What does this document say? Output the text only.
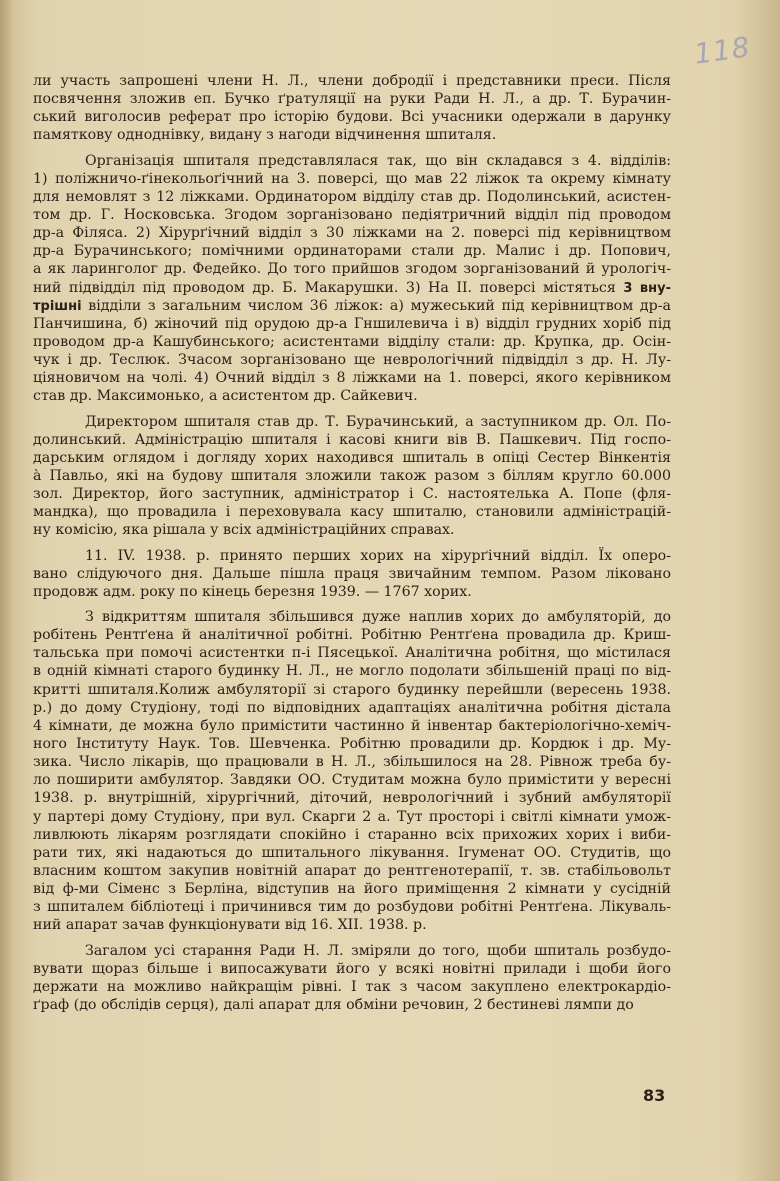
118
ли участь запрошені члени Н. Л., члени добродії і представники преси. Після
посвячення зложив еп. Бучко ґратуляції на руки Ради Н. Л., а др. Т. Бурачин-
ський виголосив реферат про історію будови. Всі учасники одержали в дарунку
памяткову одноднівку, видану з нагоди відчинення шпиталя.
Організація шпиталя представлялася так, що він складався з 4. відділів:
1) поліжничо-ґінекольоґічний на 3. поверсі, що мав 22 ліжок та окрему кімнату
для немовлят з 12 ліжками. Ординатором відділу став др. Подолинський, асистен-
том др. Г. Носковська. Згодом зорганізовано педіятричний відділ під проводом
др-а Філяса. 2) Хірурґічний відділ з 30 ліжками на 2. поверсі під керівництвом
др-а Бурачинського; помічними ординаторами стали др. Малис і др. Попович,
а як ларинголог др. Федейко. До того прийшов згодом зорганізований й урологіч-
ний підвідділ під проводом др. Б. Макарушки. 3) На II. поверсі містяться 3 внy-
трішні відділи з загальним числом 36 ліжок: а) мужеський під керівництвом др-а
Панчишина, б) жіночий під орудою др-а Гншилевича і в) відділ грудних хоріб під
проводом др-а Кашубинського; асистентами відділу стали: др. Крупка, др. Осін-
чук і др. Теслюк. Зчасом зорганізовано ще неврологічний підвідділ з др. Н. Лу-
ціяновичом на чолі. 4) Очний відділ з 8 ліжками на 1. поверсі, якого керівником
став др. Максимонько, а асистентом др. Сайкевич.
Директором шпиталя став др. Т. Бурачинський, а заступником др. Ол. По-
долинський. Адміністрацію шпиталя і касові книги вів В. Пашкевич. Під госпо-
дарським оглядом і доглядy хорих находився шпиталь в опіці Сестер Вінкентія
а̀ Павльо, які на будову шпиталя зложили також разом з біллям кругло 60.000
зол. Директор, його заступник, адміністратор і С. настоятелька А. Попе (фля-
мандка), що провадила і переховувала касу шпиталю, становили адміністрацій-
ну комісію, яка рішала у всіх адміністраційних справах.
11. IV. 1938. р. принято перших хорих на хірурґічний відділ. Їх оперо-
вано слідуючого дня. Дальше пішла праця звичайним темпом. Разом ліковано
продовж адм. року по кінець березня 1939. — 1767 хорих.
З відкриттям шпиталя збільшився дуже наплив хорих до амбуляторій, до
робітень Рентґена й аналітичної робітні. Робітню Рентґена провадила др. Криш-
тальська при помочі асистентки п-і Пясецької. Аналітична робітня, що містилася
в одній кімнаті старого будинку Н. Л., не могло подолати збільшеній праці по від-
критті шпиталя.Колиж амбуляторії зі старого будинку перейшли (вересень 1938.
р.) до дому Студіону, тоді по відповідних адаптаціях аналітична робітня дістала
4 кімнати, де можна було примістити частинно й інвентар бактеріологічно-хеміч-
ного Інституту Наук. Тов. Шевченка. Робітню провадили др. Кордюк і др. Му-
зика. Число лікарів, що працювали в Н. Л., збільшилося на 28. Рівнож треба бу-
ло поширити амбулятор. Завдяки ОО. Студитам можна було примістити у вересні
1938. р. внутрішній, хірургічний, діточий, неврологічний і зубний амбуляторії
у партері дому Студіону, при вул. Скарги 2 а. Тут просторі і світлі кімнати умож-
ливлюють лікарям розглядати спокійно і старанно всіх прихожих хорих і виби-
рати тих, які надаються до шпитального лікування. Ігуменат ОО. Студитів, що
власним коштом закупив новітній апарат до рентгенотерапії, т. зв. стабільовольт
від ф-ми Сіменс з Берліна, відступив на його приміщення 2 кімнати у сусідній
з шпиталем бібліотеці і причинився тим до розбудови робітні Рентґена. Лікуваль-
ний апарат зачав функціонувати від 16. XII. 1938. р.
Загалом усі старання Ради Н. Л. зміряли до того, щоби шпиталь розбудо-
вувати щораз більше і випосажувати його у всякі новітні прилади і щоби його
держати на можливо найкращім рівні. І так з часом закуплено електрокардіо-
ґраф (до обслідів серця), далі апарат для обміни речовин, 2 бестиневі лямпи до
83
